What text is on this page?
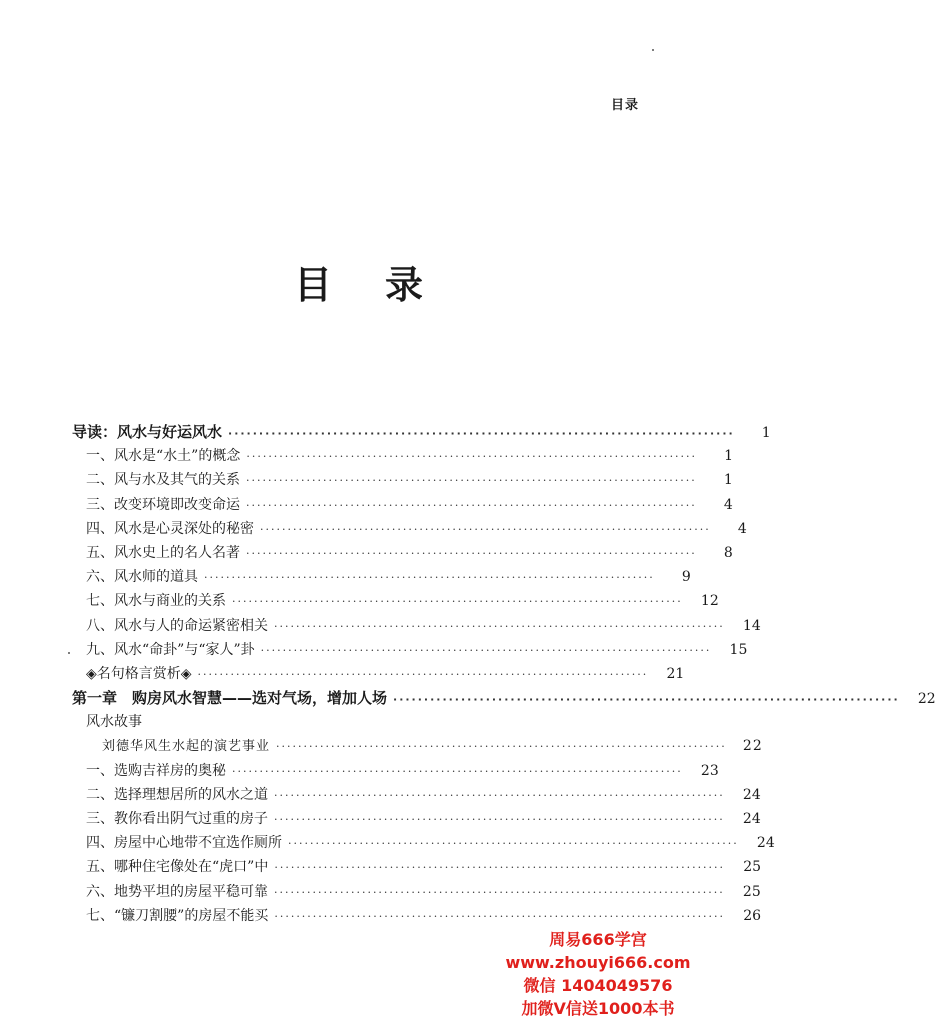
目录
目 录
导读：风水与好运风水 ··················································································	1
一、风水是“水土”的概念 ··················································································	1
二、风与水及其气的关系 ··················································································	1
三、改变环境即改变命运 ··················································································	4
四、风水是心灵深处的秘密 ··················································································	4
五、风水史上的名人名著 ··················································································	8
六、风水师的道具 ··················································································	9
七、风水与商业的关系 ··················································································	12
八、风水与人的命运紧密相关 ··················································································	14
九、风水“命卦”与“家人”卦 ··················································································	15
◈名句格言赏析◈ ··················································································	21
第一章　购房风水智慧——选对气场，增加人场 ··················································································	22
风水故事
刘德华风生水起的演艺事业 ··················································································	22
一、选购吉祥房的奥秘 ··················································································	23
二、选择理想居所的风水之道 ··················································································	24
三、教你看出阴气过重的房子 ··················································································	24
四、房屋中心地带不宜选作厕所 ··················································································	24
五、哪种住宅像处在“虎口”中 ··················································································	25
六、地势平坦的房屋平稳可靠 ··················································································	25
七、“镰刀割腰”的房屋不能买 ··················································································	26
周易666学宫
www.zhouyi666.com
微信 1404049576
加微V信送1000本书
